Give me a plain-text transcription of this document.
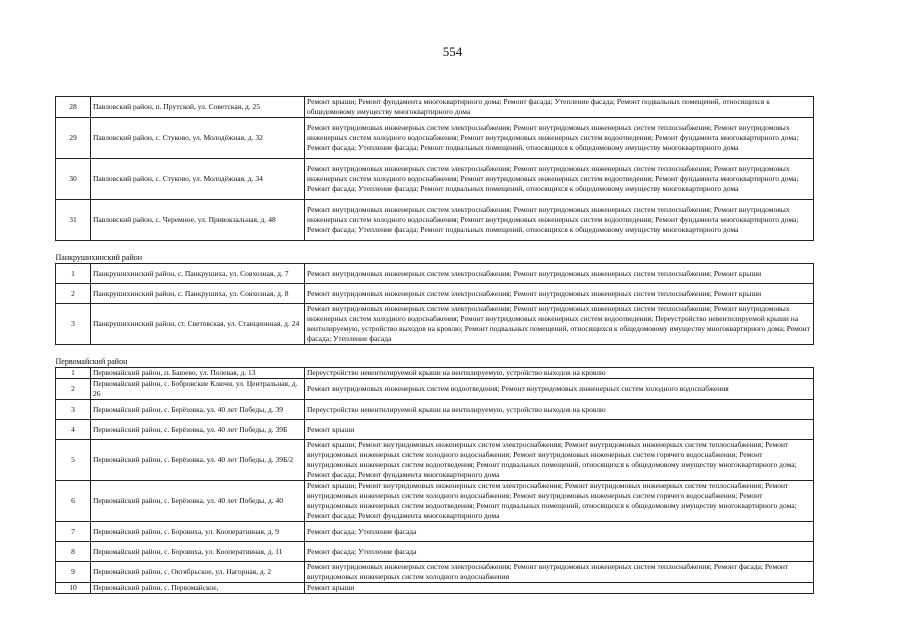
554
28	Павловский район, п. Прутской, ул. Советская, д. 25	Ремонт крыши; Ремонт фундамента многоквартирного дома; Ремонт фасада; Утепление фасада; Ремонт подвальных помещений, относящихся к общедомовому имуществу многоквартирного дома
29	Павловский район, с. Стуково, ул. Молодёжная, д. 32	Ремонт внутридомовых инженерных систем электроснабжения; Ремонт внутридомовых инженерных систем теплоснабжения; Ремонт внутридомовых инженерных систем холодного водоснабжения; Ремонт внутридомовых инженерных систем водоотведения; Ремонт фундамента многоквартирного дома; Ремонт фасада; Утепление фасада; Ремонт подвальных помещений, относящихся к общедомовому имуществу многоквартирного дома
30	Павловский район, с. Стуково, ул. Молодёжная, д. 34	Ремонт внутридомовых инженерных систем электроснабжения; Ремонт внутридомовых инженерных систем теплоснабжения; Ремонт внутридомовых инженерных систем холодного водоснабжения; Ремонт внутридомовых инженерных систем водоотведения; Ремонт фундамента многоквартирного дома; Ремонт фасада; Утепление фасада; Ремонт подвальных помещений, относящихся к общедомовому имуществу многоквартирного дома
31	Павловский район, с. Черемное, ул. Привокзальная, д. 48	Ремонт внутридомовых инженерных систем электроснабжения; Ремонт внутридомовых инженерных систем теплоснабжения; Ремонт внутридомовых инженерных систем холодного водоснабжения; Ремонт внутридомовых инженерных систем водоотведения; Ремонт фундамента многоквартирного дома; Ремонт фасада; Утепление фасада; Ремонт подвальных помещений, относящихся к общедомовому имуществу многоквартирного дома
Панкрушихинский район		
1	Панкрушихинский район, с. Панкрушиха, ул. Совхозная, д. 7	Ремонт внутридомовых инженерных систем электроснабжения; Ремонт внутридомовых инженерных систем теплоснабжения; Ремонт крыши
2	Панкрушихинский район, с. Панкрушиха, ул. Совхозная, д. 8	Ремонт внутридомовых инженерных систем электроснабжения; Ремонт внутридомовых инженерных систем теплоснабжения; Ремонт крыши
3	Панкрушихинский район, ст. Световская, ул. Станционная, д. 24	Ремонт внутридомовых инженерных систем электроснабжения; Ремонт внутридомовых инженерных систем теплоснабжения; Ремонт внутридомовых инженерных систем холодного водоснабжения; Ремонт внутридомовых инженерных систем водоотведения; Переустройство невентилируемой крыши на вентилируемую, устройство выходов на кровлю; Ремонт подвальных помещений, относящихся к общедомовому имуществу многоквартирного дома; Ремонт фасада; Утепление фасада
Первомайский район		
1	Первомайский район, п. Баюево, ул. Полевая, д. 13	Переустройство невентилируемой крыши на вентилируемую, устройство выходов на кровлю
2	Первомайский район, с. Бобровские Ключи, ул. Центральная, д. 26	Ремонт внутридомовых инженерных систем водоотведения; Ремонт внутридомовых инженерных систем холодного водоснабжения
3	Первомайский район, с. Берёзовка, ул. 40 лет Победы, д. 39	Переустройство невентилируемой крыши на вентилируемую, устройство выходов на кровлю
4	Первомайский район, с. Берёзовка, ул. 40 лет Победы, д. 39Б	Ремонт крыши
5	Первомайский район, с. Берёзовка, ул. 40 лет Победы, д. 39Б/2	Ремонт крыши; Ремонт внутридомовых инженерных систем электроснабжения; Ремонт внутридомовых инженерных систем теплоснабжения; Ремонт внутридомовых инженерных систем холодного водоснабжения; Ремонт внутридомовых инженерных систем горячего водоснабжения; Ремонт внутридомовых инженерных систем водоотведения; Ремонт подвальных помещений, относящихся к общедомовому имуществу многоквартирного дома; Ремонт фасада; Ремонт фундамента многоквартирного дома
6	Первомайский район, с. Берёзовка, ул. 40 лет Победы, д. 40	Ремонт крыши; Ремонт внутридомовых инженерных систем электроснабжения; Ремонт внутридомовых инженерных систем теплоснабжения; Ремонт внутридомовых инженерных систем холодного водоснабжения; Ремонт внутридомовых инженерных систем горячего водоснабжения; Ремонт внутридомовых инженерных систем водоотведения; Ремонт подвальных помещений, относящихся к общедомовому имуществу многоквартирного дома; Ремонт фасада; Ремонт фундамента многоквартирного дома
7	Первомайский район, с. Боровиха, ул. Кооперативная, д. 9	Ремонт фасада; Утепление фасада
8	Первомайский район, с. Боровиха, ул. Кооперативная, д. 11	Ремонт фасада; Утепление фасада
9	Первомайский район, с. Октябрьское, ул. Нагорная, д. 2	Ремонт внутридомовых инженерных систем электроснабжения; Ремонт внутридомовых инженерных систем теплоснабжения; Ремонт фасада; Ремонт внутридомовых инженерных систем холодного водоснабжения
10	Первомайский район, с. Первомайское,	Ремонт крыши
